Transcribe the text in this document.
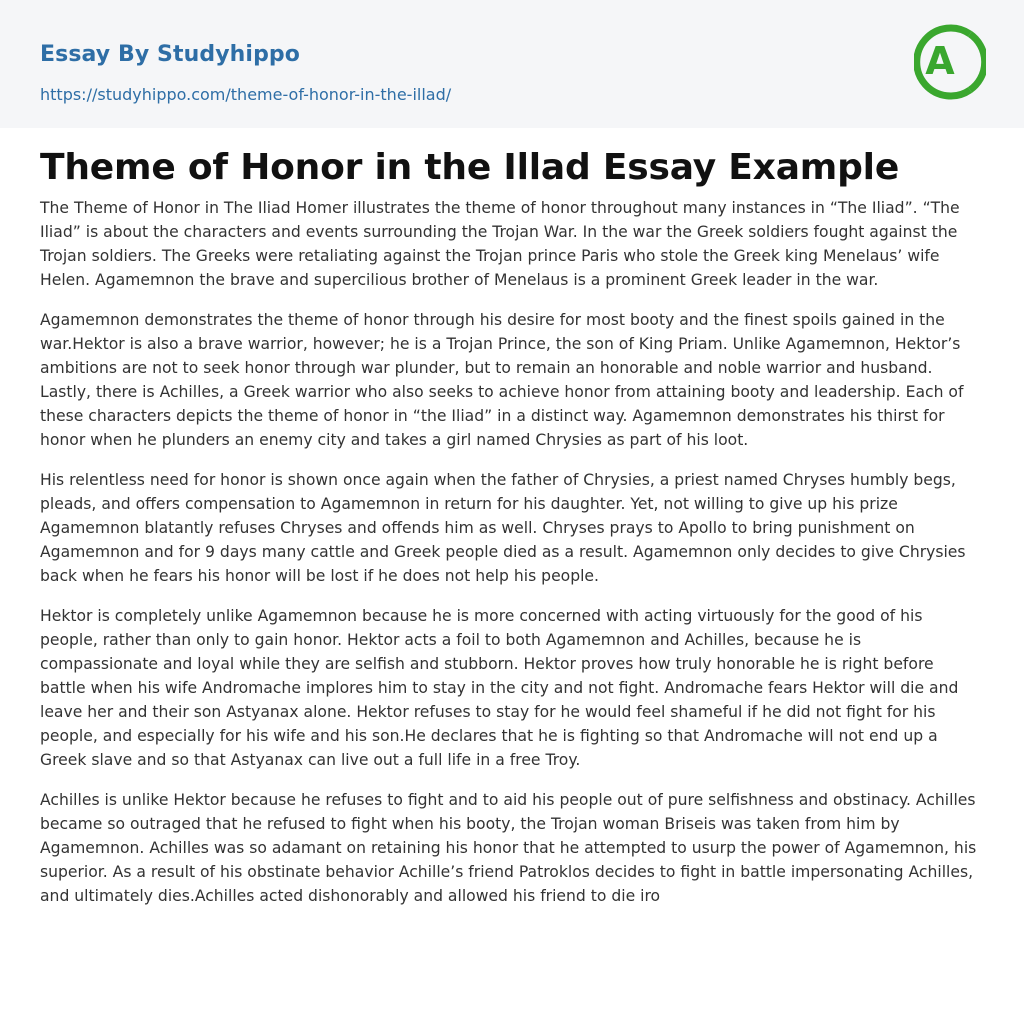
Essay By Studyhippo
https://studyhippo.com/theme-of-honor-in-the-illad/
A
Theme of Honor in the Illad Essay Example

The Theme of Honor in The Iliad Homer illustrates the theme of honor throughout many instances in “The Iliad”. “The Iliad” is about the characters and events surrounding the Trojan War. In the war the Greek soldiers fought against the Trojan soldiers. The Greeks were retaliating against the Trojan prince Paris who stole the Greek king Menelaus’ wife Helen. Agamemnon the brave and supercilious brother of Menelaus is a prominent Greek leader in the war.

Agamemnon demonstrates the theme of honor through his desire for most booty and the finest spoils gained in the war.Hektor is also a brave warrior, however; he is a Trojan Prince, the son of King Priam. Unlike Agamemnon, Hektor’s ambitions are not to seek honor through war plunder, but to remain an honorable and noble warrior and husband. Lastly, there is Achilles, a Greek warrior who also seeks to achieve honor from attaining booty and leadership. Each of these characters depicts the theme of honor in “the Iliad” in a distinct way. Agamemnon demonstrates his thirst for honor when he plunders an enemy city and takes a girl named Chrysies as part of his loot.

His relentless need for honor is shown once again when the father of Chrysies, a priest named Chryses humbly begs, pleads, and offers compensation to Agamemnon in return for his daughter. Yet, not willing to give up his prize Agamemnon blatantly refuses Chryses and offends him as well. Chryses prays to Apollo to bring punishment on Agamemnon and for 9 days many cattle and Greek people died as a result. Agamemnon only decides to give Chrysies back when he fears his honor will be lost if he does not help his people.

Hektor is completely unlike Agamemnon because he is more concerned with acting virtuously for the good of his people, rather than only to gain honor. Hektor acts a foil to both Agamemnon and Achilles, because he is compassionate and loyal while they are selfish and stubborn. Hektor proves how truly honorable he is right before battle when his wife Andromache implores him to stay in the city and not fight. Andromache fears Hektor will die and leave her and their son Astyanax alone. Hektor refuses to stay for he would feel shameful if he did not fight for his people, and especially for his wife and his son.He declares that he is fighting so that Andromache will not end up a Greek slave and so that Astyanax can live out a full life in a free Troy.

Achilles is unlike Hektor because he refuses to fight and to aid his people out of pure selfishness and obstinacy. Achilles became so outraged that he refused to fight when his booty, the Trojan woman Briseis was taken from him by Agamemnon. Achilles was so adamant on retaining his honor that he attempted to usurp the power of Agamemnon, his superior. As a result of his obstinate behavior Achille’s friend Patroklos decides to fight in battle impersonating Achilles, and ultimately dies.Achilles acted dishonorably and allowed his friend to die iro
